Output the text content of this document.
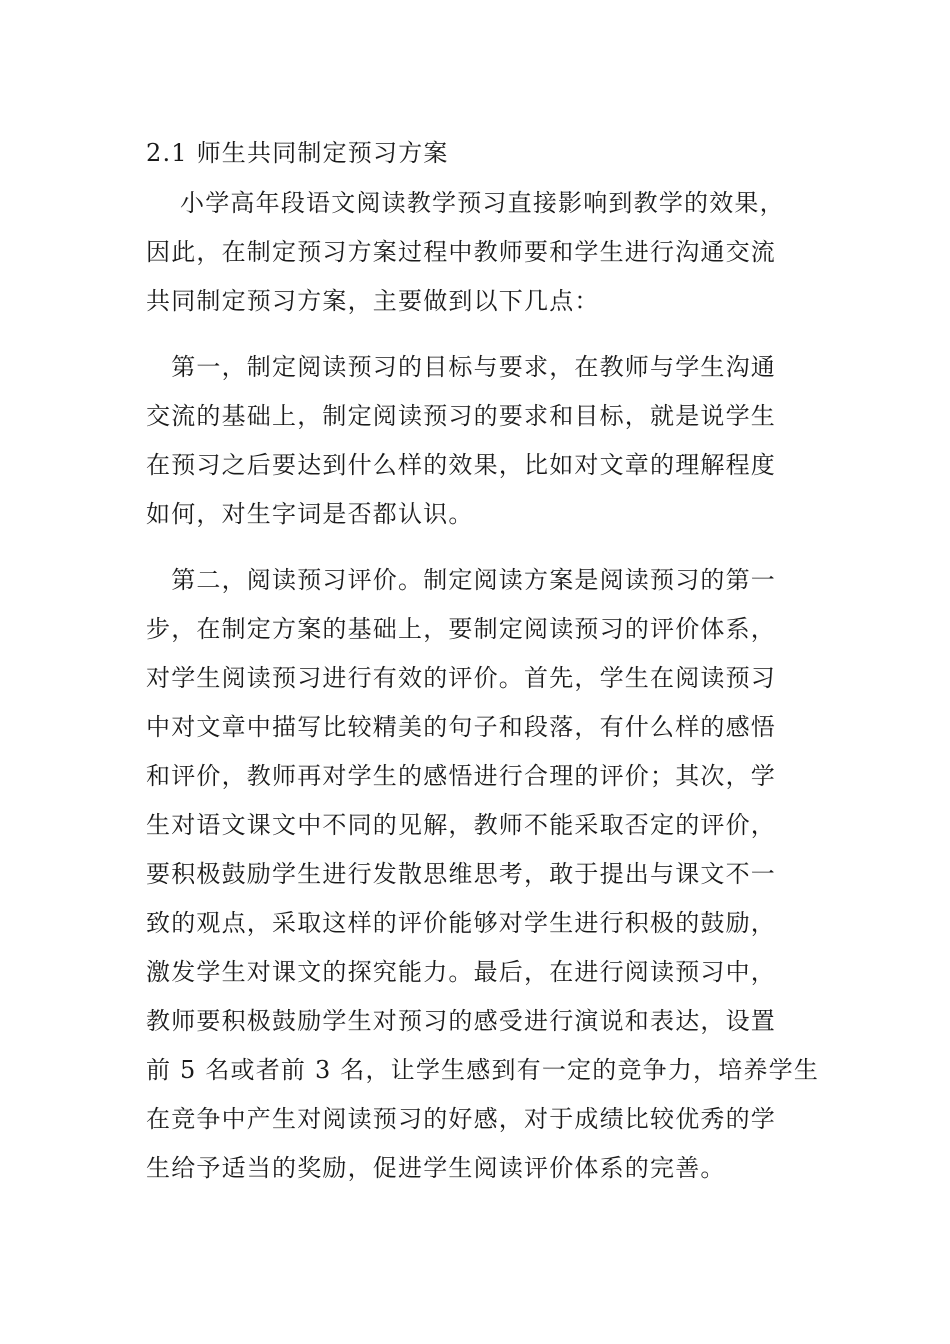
2.1 师生共同制定预习方案
　 小学高年段语文阅读教学预习直接影响到教学的效果，
因此，在制定预习方案过程中教师要和学生进行沟通交流
共同制定预习方案，主要做到以下几点：
　第一，制定阅读预习的目标与要求，在教师与学生沟通
交流的基础上，制定阅读预习的要求和目标，就是说学生
在预习之后要达到什么样的效果，比如对文章的理解程度
如何，对生字词是否都认识。
　第二，阅读预习评价。制定阅读方案是阅读预习的第一
步，在制定方案的基础上，要制定阅读预习的评价体系，
对学生阅读预习进行有效的评价。首先，学生在阅读预习
中对文章中描写比较精美的句子和段落，有什么样的感悟
和评价，教师再对学生的感悟进行合理的评价；其次，学
生对语文课文中不同的见解，教师不能采取否定的评价，
要积极鼓励学生进行发散思维思考，敢于提出与课文不一
致的观点，采取这样的评价能够对学生进行积极的鼓励，
激发学生对课文的探究能力。最后，在进行阅读预习中，
教师要积极鼓励学生对预习的感受进行演说和表达，设置
前 5 名或者前 3 名，让学生感到有一定的竞争力，培养学生
在竞争中产生对阅读预习的好感，对于成绩比较优秀的学
生给予适当的奖励，促进学生阅读评价体系的完善。
